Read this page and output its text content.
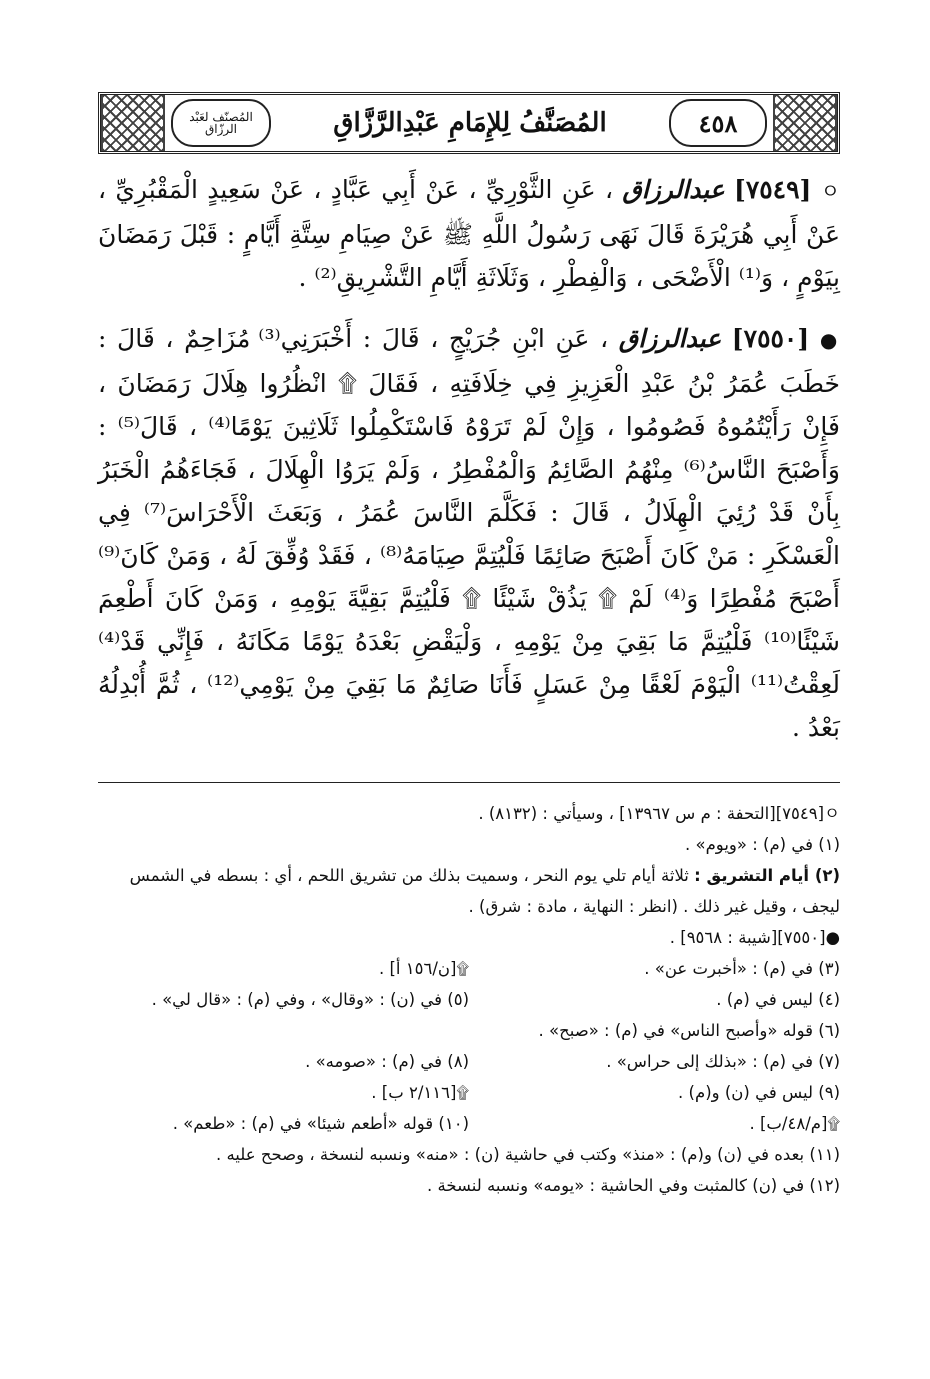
المُصنّف لعَبْد الرزّاق	المُصَنَّفُ لِلإِمَامِ عَبْدِالرَّزَّاقِ	٤٥٨

ㅇ [٧٥٤٩] عبدالرزاق ، عَنِ الثَّوْرِيِّ ، عَنْ أَبِي عَبَّادٍ ، عَنْ سَعِيدٍ الْمَقْبُرِيِّ ، عَنْ أَبِي هُرَيْرَةَ قَالَ نَهَى رَسُولُ اللَّهِ ﷺ عَنْ صِيَامِ سِتَّةِ أَيَّامٍ : قَبْلَ رَمَضَانَ بِيَوْمٍ ، وَ⁽¹⁾ الْأَضْحَى ، وَالْفِطْرِ ، وَثَلَاثَةِ أَيَّامِ التَّشْرِيقِ⁽²⁾ .

● [٧٥٥٠] عبدالرزاق ، عَنِ ابْنِ جُرَيْجٍ ، قَالَ : أَخْبَرَنِي⁽³⁾ مُزَاحِمٌ ، قَالَ : خَطَبَ عُمَرُ بْنُ عَبْدِ الْعَزِيزِ فِي خِلَافَتِهِ ، فَقَالَ ۩ انْظُرُوا هِلَالَ رَمَضَانَ ، فَإِنْ رَأَيْتُمُوهُ فَصُومُوا ، وَإِنْ لَمْ تَرَوْهُ فَاسْتَكْمِلُوا ثَلَاثِينَ يَوْمًا⁽⁴⁾ ، قَالَ⁽⁵⁾ : وَأَصْبَحَ النَّاسُ⁽⁶⁾ مِنْهُمُ الصَّائِمُ وَالْمُفْطِرُ ، وَلَمْ يَرَوُا الْهِلَالَ ، فَجَاءَهُمُ الْخَبَرُ بِأَنْ قَدْ رُئِيَ الْهِلَالُ ، قَالَ : فَكَلَّمَ النَّاسَ عُمَرُ ، وَبَعَثَ الْأَحْرَاسَ⁽⁷⁾ فِي الْعَسْكَرِ : مَنْ كَانَ أَصْبَحَ صَائِمًا فَلْيُتِمَّ صِيَامَهُ⁽⁸⁾ ، فَقَدْ وُفِّقَ لَهُ ، وَمَنْ كَانَ⁽⁹⁾ أَصْبَحَ مُفْطِرًا وَ⁽⁴⁾ لَمْ ۩ يَذُقْ شَيْئًا ۩ فَلْيُتِمَّ بَقِيَّةَ يَوْمِهِ ، وَمَنْ كَانَ أَطْعِمَ شَيْئًا⁽¹⁰⁾ فَلْيُتِمَّ مَا بَقِيَ مِنْ يَوْمِهِ ، وَلْيَقْضِ بَعْدَهُ يَوْمًا مَكَانَهُ ، فَإِنِّي قَدْ⁽⁴⁾ لَعِقْتُ⁽¹¹⁾ الْيَوْمَ لَعْقًا مِنْ عَسَلٍ فَأَنَا صَائِمٌ مَا بَقِيَ مِنْ يَوْمِي⁽¹²⁾ ، ثُمَّ أُبْدِلُهُ بَعْدُ .

ㅇ[٧٥٤٩][التحفة : م س ١٣٩٦٧] ، وسيأتي : (٨١٣٢) .

(١) في (م) : «ويوم» .

(٢) أيام التشريق : ثلاثة أيام تلي يوم النحر ، وسميت بذلك من تشريق اللحم ، أي : بسطه في الشمس ليجف ، وقيل غير ذلك . (انظر : النهاية ، مادة : شرق) .

●[٧٥٥٠][شيبة : ٩٥٦٨] .

(٣) في (م) : «أخبرت عن» .
۩[ن/١٥٦ أ] .
(٤) ليس في (م) .
(٥) في (ن) : «وقال» ، وفي (م) : «قال لي» .

(٦) قوله «وأصبح الناس» في (م) : «صبح» .

(٧) في (م) : «بذلك إلى حراس» .
(٨) في (م) : «صومه» .
(٩) ليس في (ن) و(م) .
۩[٢/١١٦ ب] .
۩[م/٤٨/ب] .
(١٠) قوله «أطعم شيئا» في (م) : «طعم» .

(١١) بعده في (ن) و(م) : «منذ» وكتب في حاشية (ن) : «منه» ونسبه لنسخة ، وصحح عليه .

(١٢) في (ن) كالمثبت وفي الحاشية : «يومه» ونسبه لنسخة .
